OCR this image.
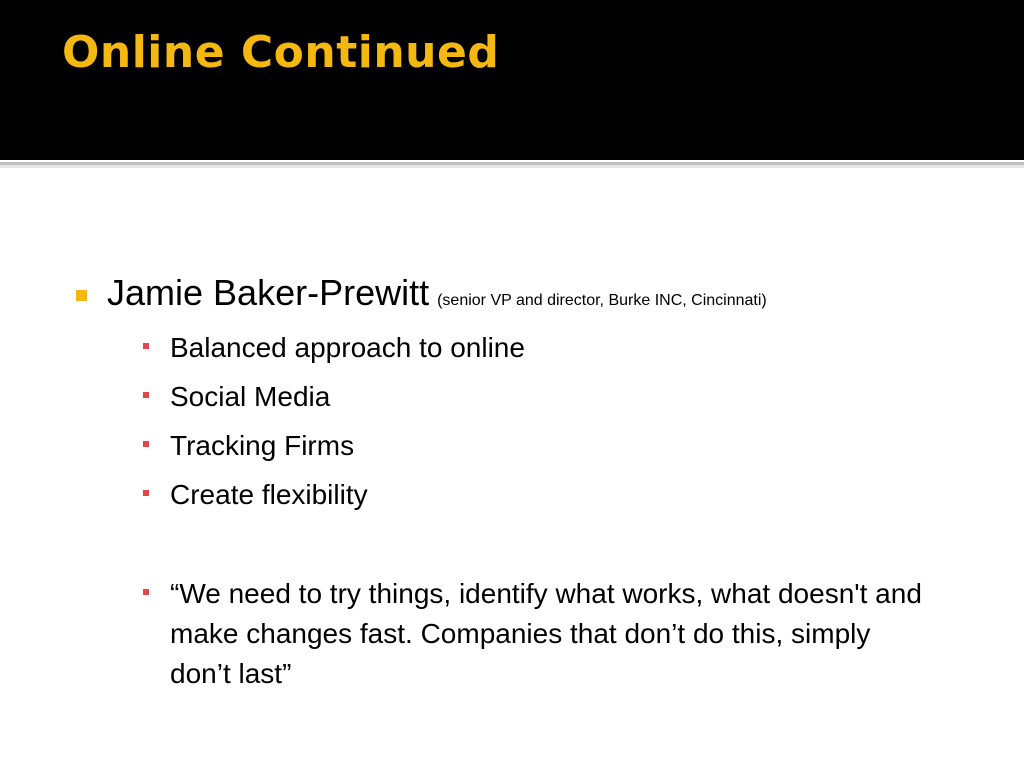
Online Continued
Jamie Baker-Prewitt (senior VP and director, Burke INC, Cincinnati)
Balanced approach to online
Social Media
Tracking Firms
Create flexibility
“We need to try things, identify what works, what doesn't and make changes fast. Companies that don’t do this, simply don’t last”
